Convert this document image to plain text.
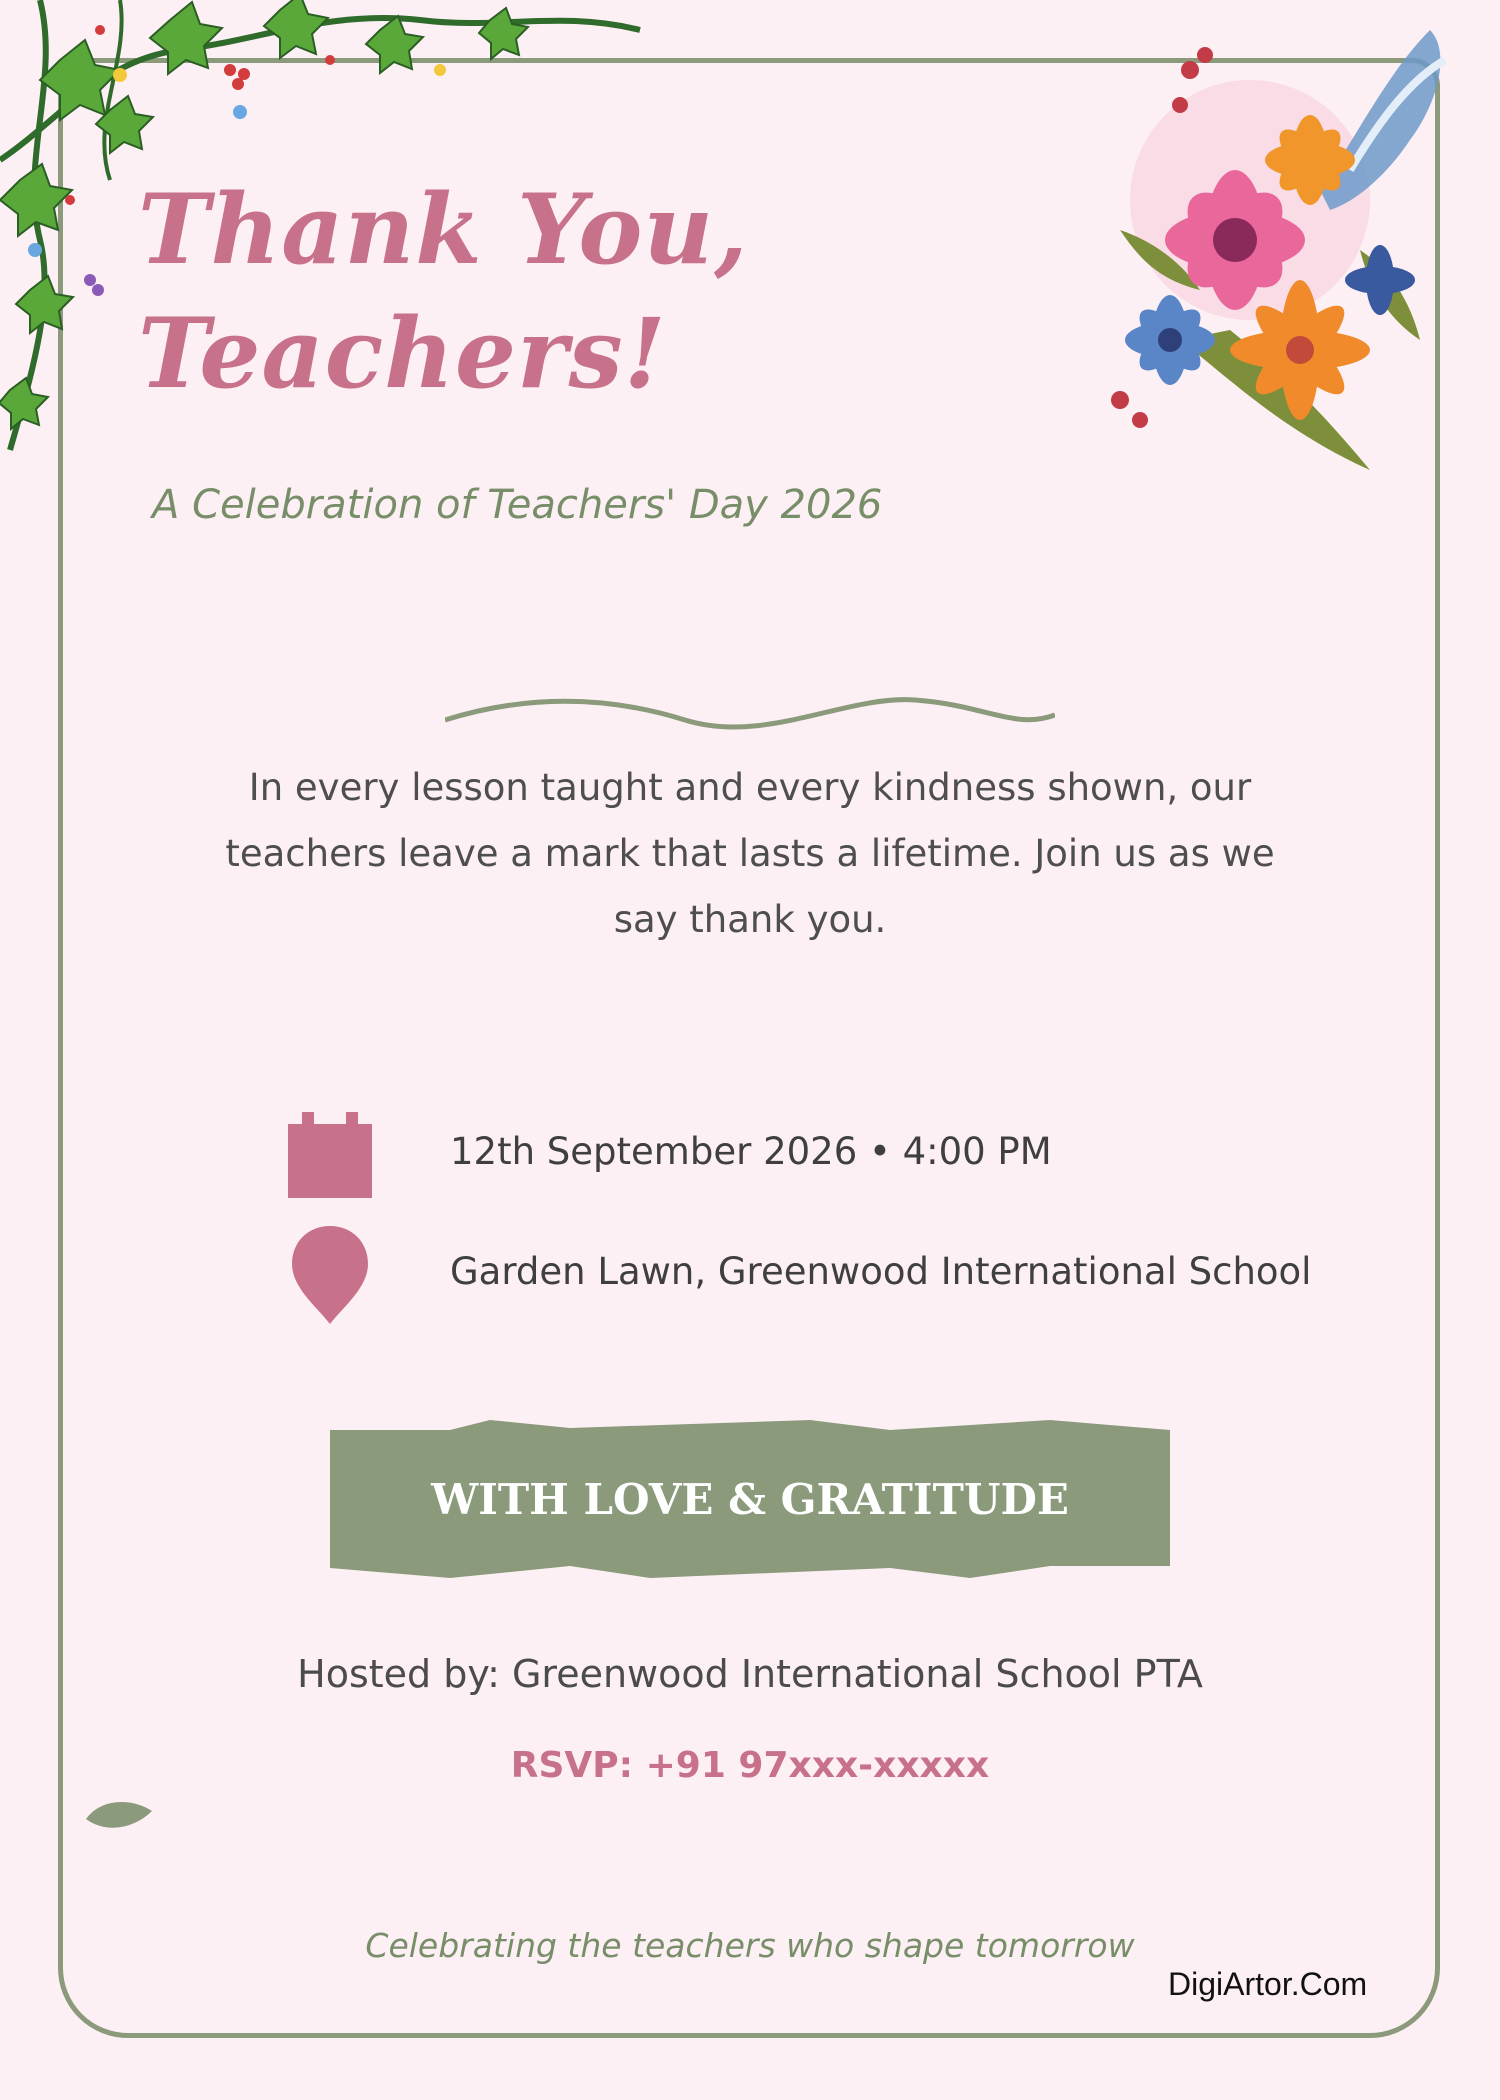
Thank You,
Teachers!
A Celebration of Teachers' Day 2026

In every lesson taught and every kindness shown, our teachers leave a mark that lasts a lifetime. Join us as we say thank you.

12th September 2026 • 4:00 PM
Garden Lawn, Greenwood International School
WITH LOVE & GRATITUDE
Hosted by: Greenwood International School PTA
RSVP: +91 97xxx-xxxxx
Celebrating the teachers who shape tomorrow
DigiArtor.Com
